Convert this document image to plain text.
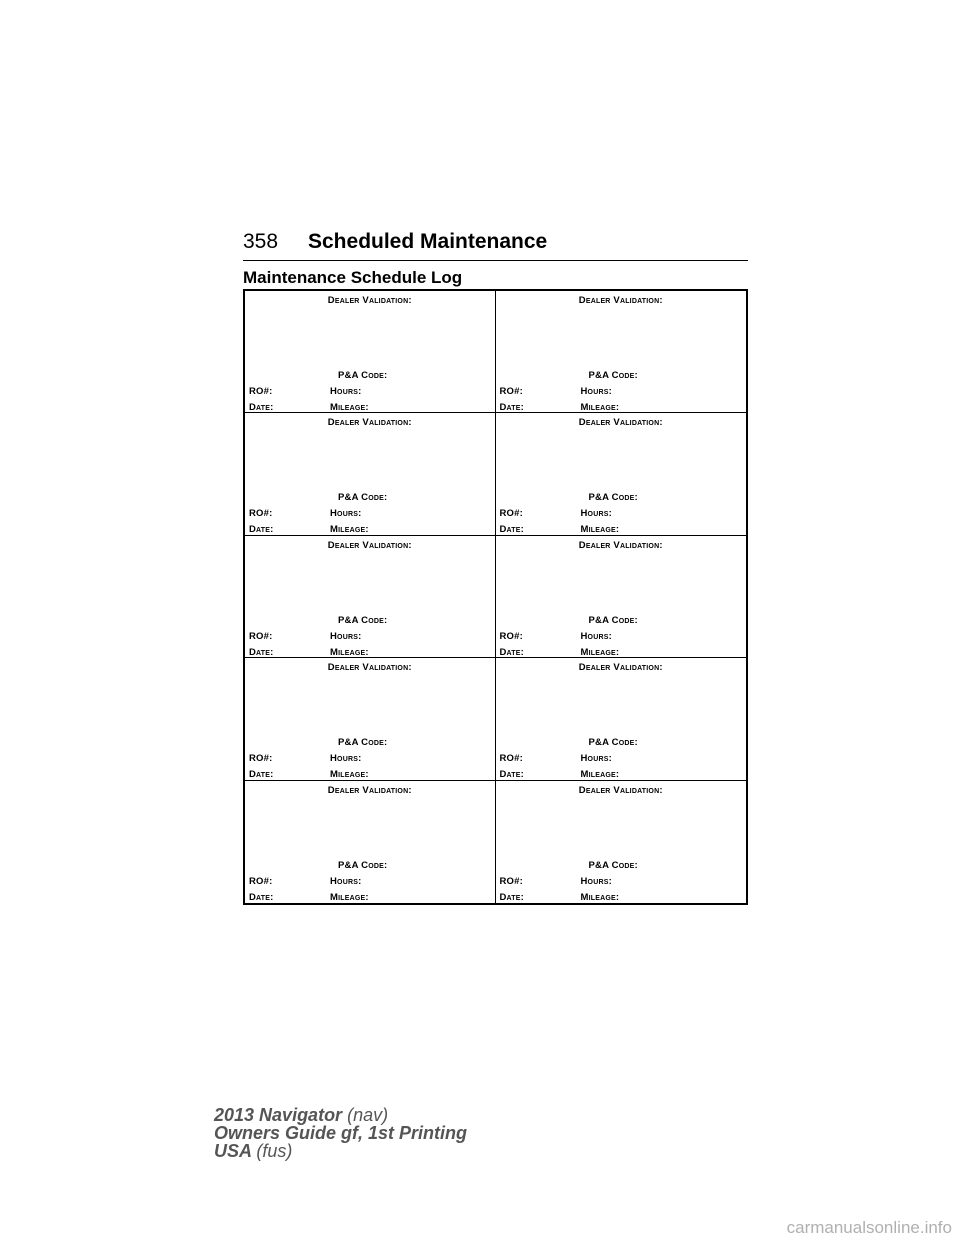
358 Scheduled Maintenance
Maintenance Schedule Log
Dealer Validation:
P&A Code:
RO#:	Hours:
Date:	Mileage:
Dealer Validation:
P&A Code:
RO#:	Hours:
Date:	Mileage:
Dealer Validation:
P&A Code:
RO#:	Hours:
Date:	Mileage:
Dealer Validation:
P&A Code:
RO#:	Hours:
Date:	Mileage:
Dealer Validation:
P&A Code:
RO#:	Hours:
Date:	Mileage:
Dealer Validation:
P&A Code:
RO#:	Hours:
Date:	Mileage:
Dealer Validation:
P&A Code:
RO#:	Hours:
Date:	Mileage:
Dealer Validation:
P&A Code:
RO#:	Hours:
Date:	Mileage:
Dealer Validation:
P&A Code:
RO#:	Hours:
Date:	Mileage:
Dealer Validation:
P&A Code:
RO#:	Hours:
Date:	Mileage:
2013 Navigator (nav)
Owners Guide gf, 1st Printing
USA (fus)
carmanualsonline.info
